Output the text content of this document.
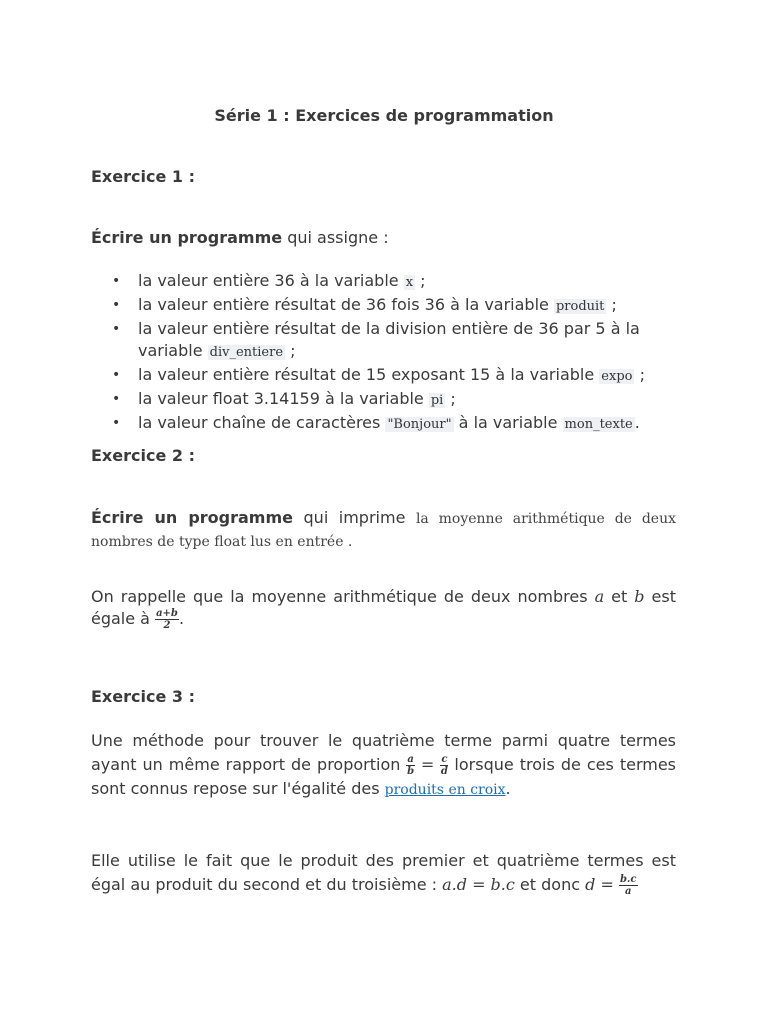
Série 1 : Exercices de programmation
Exercice 1 :
Écrire un programme qui assigne :
• la valeur entière 36 à la variable x ;
• la valeur entière résultat de 36 fois 36 à la variable produit ;
• la valeur entière résultat de la division entière de 36 par 5 à la variable div_entiere ;
• la valeur entière résultat de 15 exposant 15 à la variable expo ;
• la valeur float 3.14159 à la variable pi ;
• la valeur chaîne de caractères "Bonjour" à la variable mon_texte .
Exercice 2 :
Écrire un programme qui imprime la moyenne arithmétique de deux nombres de type float lus en entrée .
On rappelle que la moyenne arithmétique de deux nombres a et b est égale à $\frac{a+b}{2}$ .
Exercice 3 :
Une méthode pour trouver le quatrième terme parmi quatre termes ayant un même rapport de proportion $\frac{a}{b} = \frac{c}{d}$ lorsque trois de ces termes sont connus repose sur l'égalité des produits en croix.
Elle utilise le fait que le produit des premier et quatrième termes est égal au produit du second et du troisième : a.d = b.c et donc $d = \frac{b.c}{a}$
